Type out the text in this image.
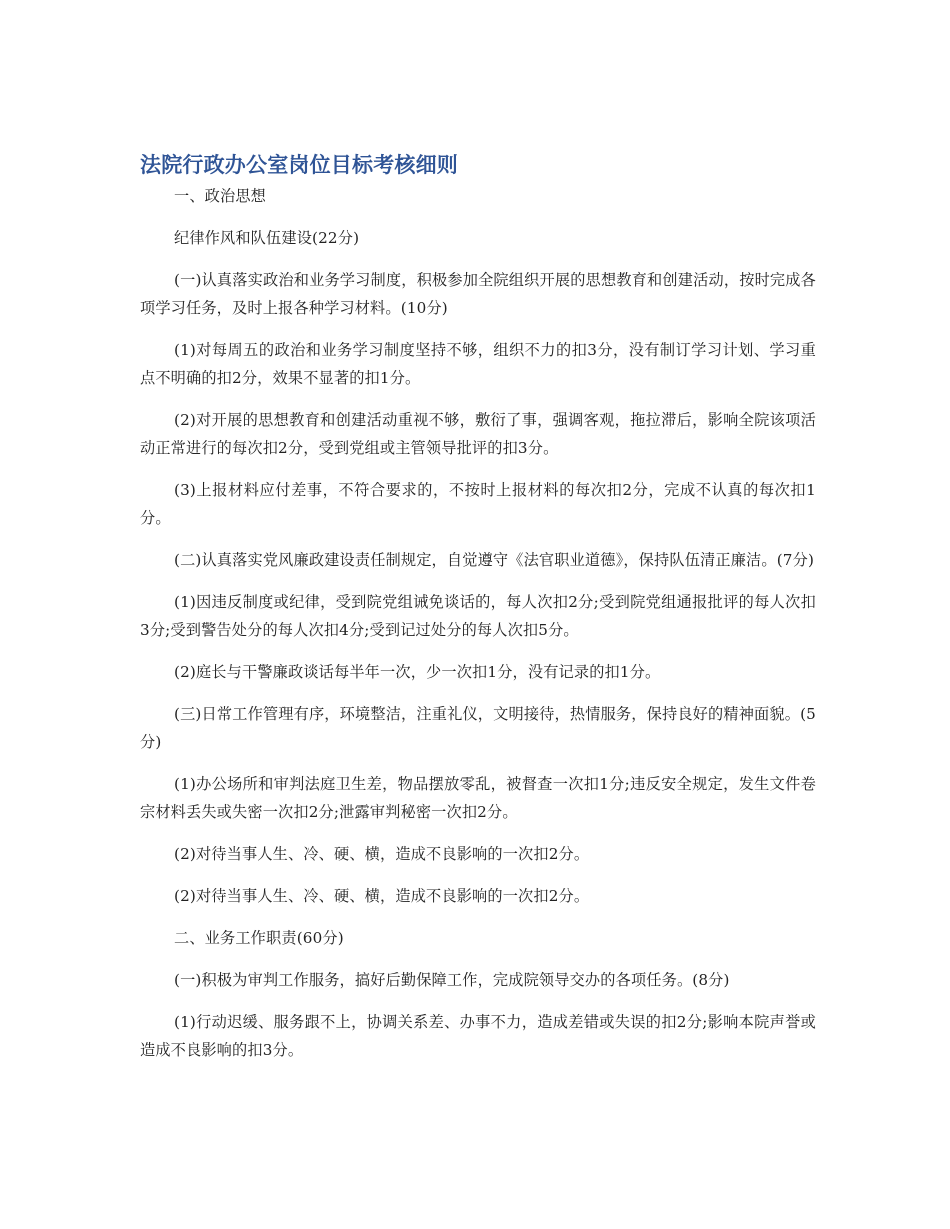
法院行政办公室岗位目标考核细则

一、政治思想

纪律作风和队伍建设(22分)

(一)认真落实政治和业务学习制度，积极参加全院组织开展的思想教育和创建活动，按时完成各项学习任务，及时上报各种学习材料。(10分)

(1)对每周五的政治和业务学习制度坚持不够，组织不力的扣3分，没有制订学习计划、学习重点不明确的扣2分，效果不显著的扣1分。

(2)对开展的思想教育和创建活动重视不够，敷衍了事，强调客观，拖拉滞后，影响全院该项活动正常进行的每次扣2分，受到党组或主管领导批评的扣3分。

(3)上报材料应付差事，不符合要求的，不按时上报材料的每次扣2分，完成不认真的每次扣1分。

(二)认真落实党风廉政建设责任制规定，自觉遵守《法官职业道德》，保持队伍清正廉洁。(7分)

(1)因违反制度或纪律，受到院党组诫免谈话的，每人次扣2分;受到院党组通报批评的每人次扣3分;受到警告处分的每人次扣4分;受到记过处分的每人次扣5分。

(2)庭长与干警廉政谈话每半年一次，少一次扣1分，没有记录的扣1分。

(三)日常工作管理有序，环境整洁，注重礼仪，文明接待，热情服务，保持良好的精神面貌。(5分)

(1)办公场所和审判法庭卫生差，物品摆放零乱，被督查一次扣1分;违反安全规定，发生文件卷宗材料丢失或失密一次扣2分;泄露审判秘密一次扣2分。

(2)对待当事人生、冷、硬、横，造成不良影响的一次扣2分。

(2)对待当事人生、冷、硬、横，造成不良影响的一次扣2分。

二、业务工作职责(60分)

(一)积极为审判工作服务，搞好后勤保障工作，完成院领导交办的各项任务。(8分)

(1)行动迟缓、服务跟不上，协调关系差、办事不力，造成差错或失误的扣2分;影响本院声誉或造成不良影响的扣3分。
